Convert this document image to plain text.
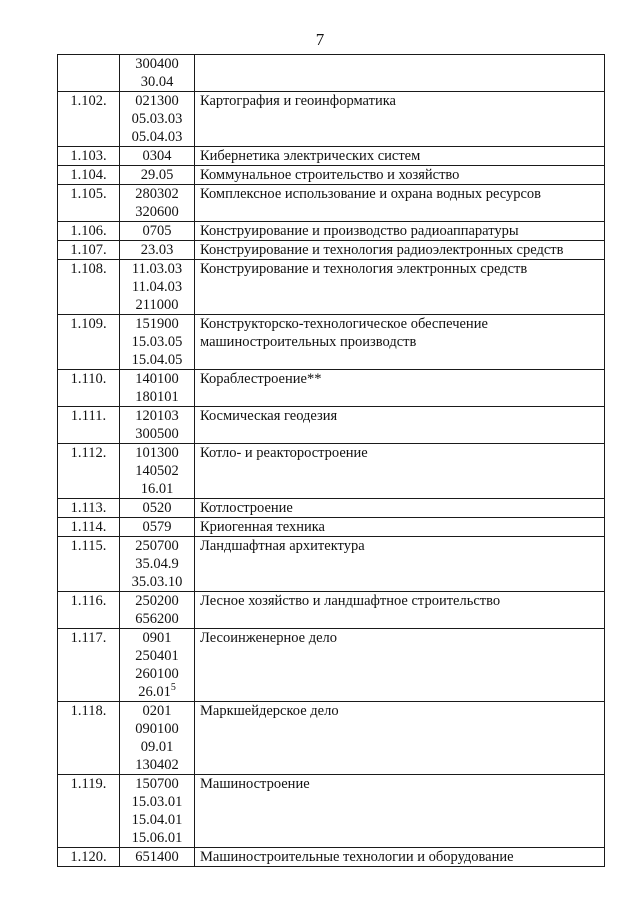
7

	300400
30.04	

1.102.	021300
05.03.03
05.04.03	Картография и геоинформатика

1.103.	0304	Кибернетика электрических систем

1.104.	29.05	Коммунальное строительство и хозяйство

1.105.	280302
320600	Комплексное использование и охрана водных ресурсов

1.106.	0705	Конструирование и производство радиоаппаратуры

1.107.	23.03	Конструирование и технология радиоэлектронных средств

1.108.	11.03.03
11.04.03
211000	Конструирование и технология электронных средств

1.109.	151900
15.03.05
15.04.05	Конструкторско-технологическое обеспечение машиностроительных производств

1.110.	140100
180101	Кораблестроение**

1.111.	120103
300500	Космическая геодезия

1.112.	101300
140502
16.01	Котло- и реакторостроение

1.113.	0520	Котлостроение

1.114.	0579	Криогенная техника

1.115.	250700
35.04.9
35.03.10	Ландшафтная архитектура

1.116.	250200
656200	Лесное хозяйство и ландшафтное строительство

1.117.	0901
250401
260100
26.01$^5$	Лесоинженерное дело

1.118.	0201
090100
09.01
130402	Маркшейдерское дело

1.119.	150700
15.03.01
15.04.01
15.06.01	Машиностроение

1.120.	651400	Машиностроительные технологии и оборудование
